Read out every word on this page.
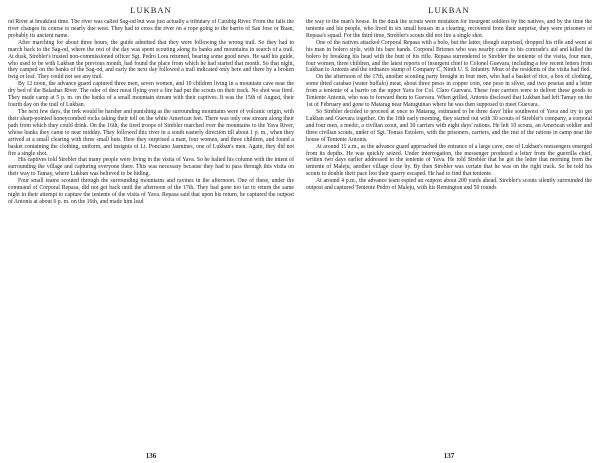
LUKBAN

od River at breakfast time. The river was called Sag-od but was just actually a tributary of Catubig River. From the falls the river changes its course to nearly due west. They had to cross the river on a rope going to the barrio of San Jose or Buan, probably its ancient name.

After marching for about three hours, the guide admitted that they were following the wrong trail. So they had to march back to the Sag-od, where the rest of the day was spent scouting along its banks and mountains in search of a trail. At dusk, Strebler's trusted non-commissioned officer Sgt. Pedro Lora returned, bearing some good news. He said his guide, who used to be with Lukban the previous month, had found the place from which he had started that month. So that night, they camped on the banks of the Sag-od, and early the next day followed a trail indicated only here and there by a broken twig or leaf. They could not see any trail.

By 12 noon, the advance guard captured three men, seven women, and 10 children living in a mountain cave near the dry bed of the Balashas River. The odor of deer meat flying over a fire had put the scouts on their track. No shot was fired. They made camp at 5 p. m. on the banks of a small mountain stream with their captives. It was the 15th of August, their fourth day on the trail of Lukban.

The next few days, the trek would be harsher and punishing as the surrounding mountains were of volcanic origin, with their sharp-pointed honeycombed rocks taking their toll on the white American feet. There was only one stream along their path from which they could drink. On the 16th, the tired troops of Strebler marched over the mountains to the Yava River, whose banks they came to near midday. They followed this river in a south easterly direction till about 1 p. m., when they arrived at a small clearing with three small huts. Here they surprised a man, four women, and three children, and found a basket containing the clothing, uniform, and insignia of Lt. Ponciano Jasmines, one of Lukban's men. Again, they did not fire a single shot.

His captives told Strebler that many people were living in the visita of Yava. So he halted his column with the intent of surrounding the village and capturing everyone there. This was necessary because they had to pass through this visita on their way to Tamay, where Lukban was believed to be hiding.

Four small teams scouted through the surrounding mountains and ravines in the afternoon. One of these, under the command of Corporal Repasa, did not get back until the afternoon of the 17th. They had gone too far to return the same night in their attempt to capture the teniente of the visita of Yava. Repasa said that upon his return, he captured the outpost of Antonis at about 6 p. m. on the 16th, and made him lead

136
LUKBAN

the way to the man's house. In the dusk the scouts were mistaken for insurgent soldiers by the natives, and by the time the teniente and his people, who lived in six small houses in a clearing, recovered from their surprise, they were prisoners of Repasa's squad. For the third time, Strebler's scouts did not fire a single shot.

One of the natives attacked Corporal Repasa with a bolo, but the latter, though surprised, dropped his rifle and went at his man in bolero style, with his bare hands. Corporal Briones who was nearby came to his comrade's aid and killed the bolero by breaking his head with the butt of his rifle. Repasa surrendered to Strebler the teniente of the visita, four men, four women, three children, and the latest reports of insurgent chief to Colonel Guevara, including a few recent letters from Lukban to Antonis and the ordnance stamp of Company C, Ninth U. S. Infantry. Most of the residents of the visita had fled.

On the afternoon of the 17th, another scouting party brought in four men, who had a basket of rice, a box of clothing, some dried carabao (water buffalo) meat, about three pesos in copper coin, one peso in silver, and two pesetas and a letter from a teniente of a barrio on the upper Yava for Col. Claro Guevara. These four carriers were to deliver these goods to Teniente Antonis, who was to forward them to Guevara. When grilled, Antonis disclosed that Lukban had left Tamay on the 1st of February and gone to Matarag near Matuguinao where he was then supposed to meet Guevara.

So Strebler decided to proceed at once to Matarag, estimated to be three days' hike southwest of Yava and try to get Lukban and Guevara together. On the 18th early morning, they started out with 30 scouts of Strebler's company, a corporal and four men, a medic, a civilian scout, and 30 carriers with eight days' rations. He left 10 scouts, an American soldier and three civilian scouts, under of Sgt. Tomas Estolero, with the prisoners, carriers, and the rest of the rations in camp near the house of Teniente Antonis.

At around 11 a.m., as the advance guard approached the entrance of a large cave, one of Lukban's messengers emerged from its depths. He was quickly seized. Under interrogation, the messenger produced a letter from the guerrilla chief, written two days earlier addressed to the teniente of Yava. He told Strebler that he got the letter that morning from the teniente of Maleju, another village close by. By then Strebler was certain that he was on the right track. So he told his scouts to double their pace lest their quarry escaped. He had to find that teniente.

At around 4 p.m., the advance team espied an outpost about 200 yards ahead. Strebler's scouts silently surrounded the outpost and captured Teniente Pedro of Maleju, with his Remington and 50 rounds

137
